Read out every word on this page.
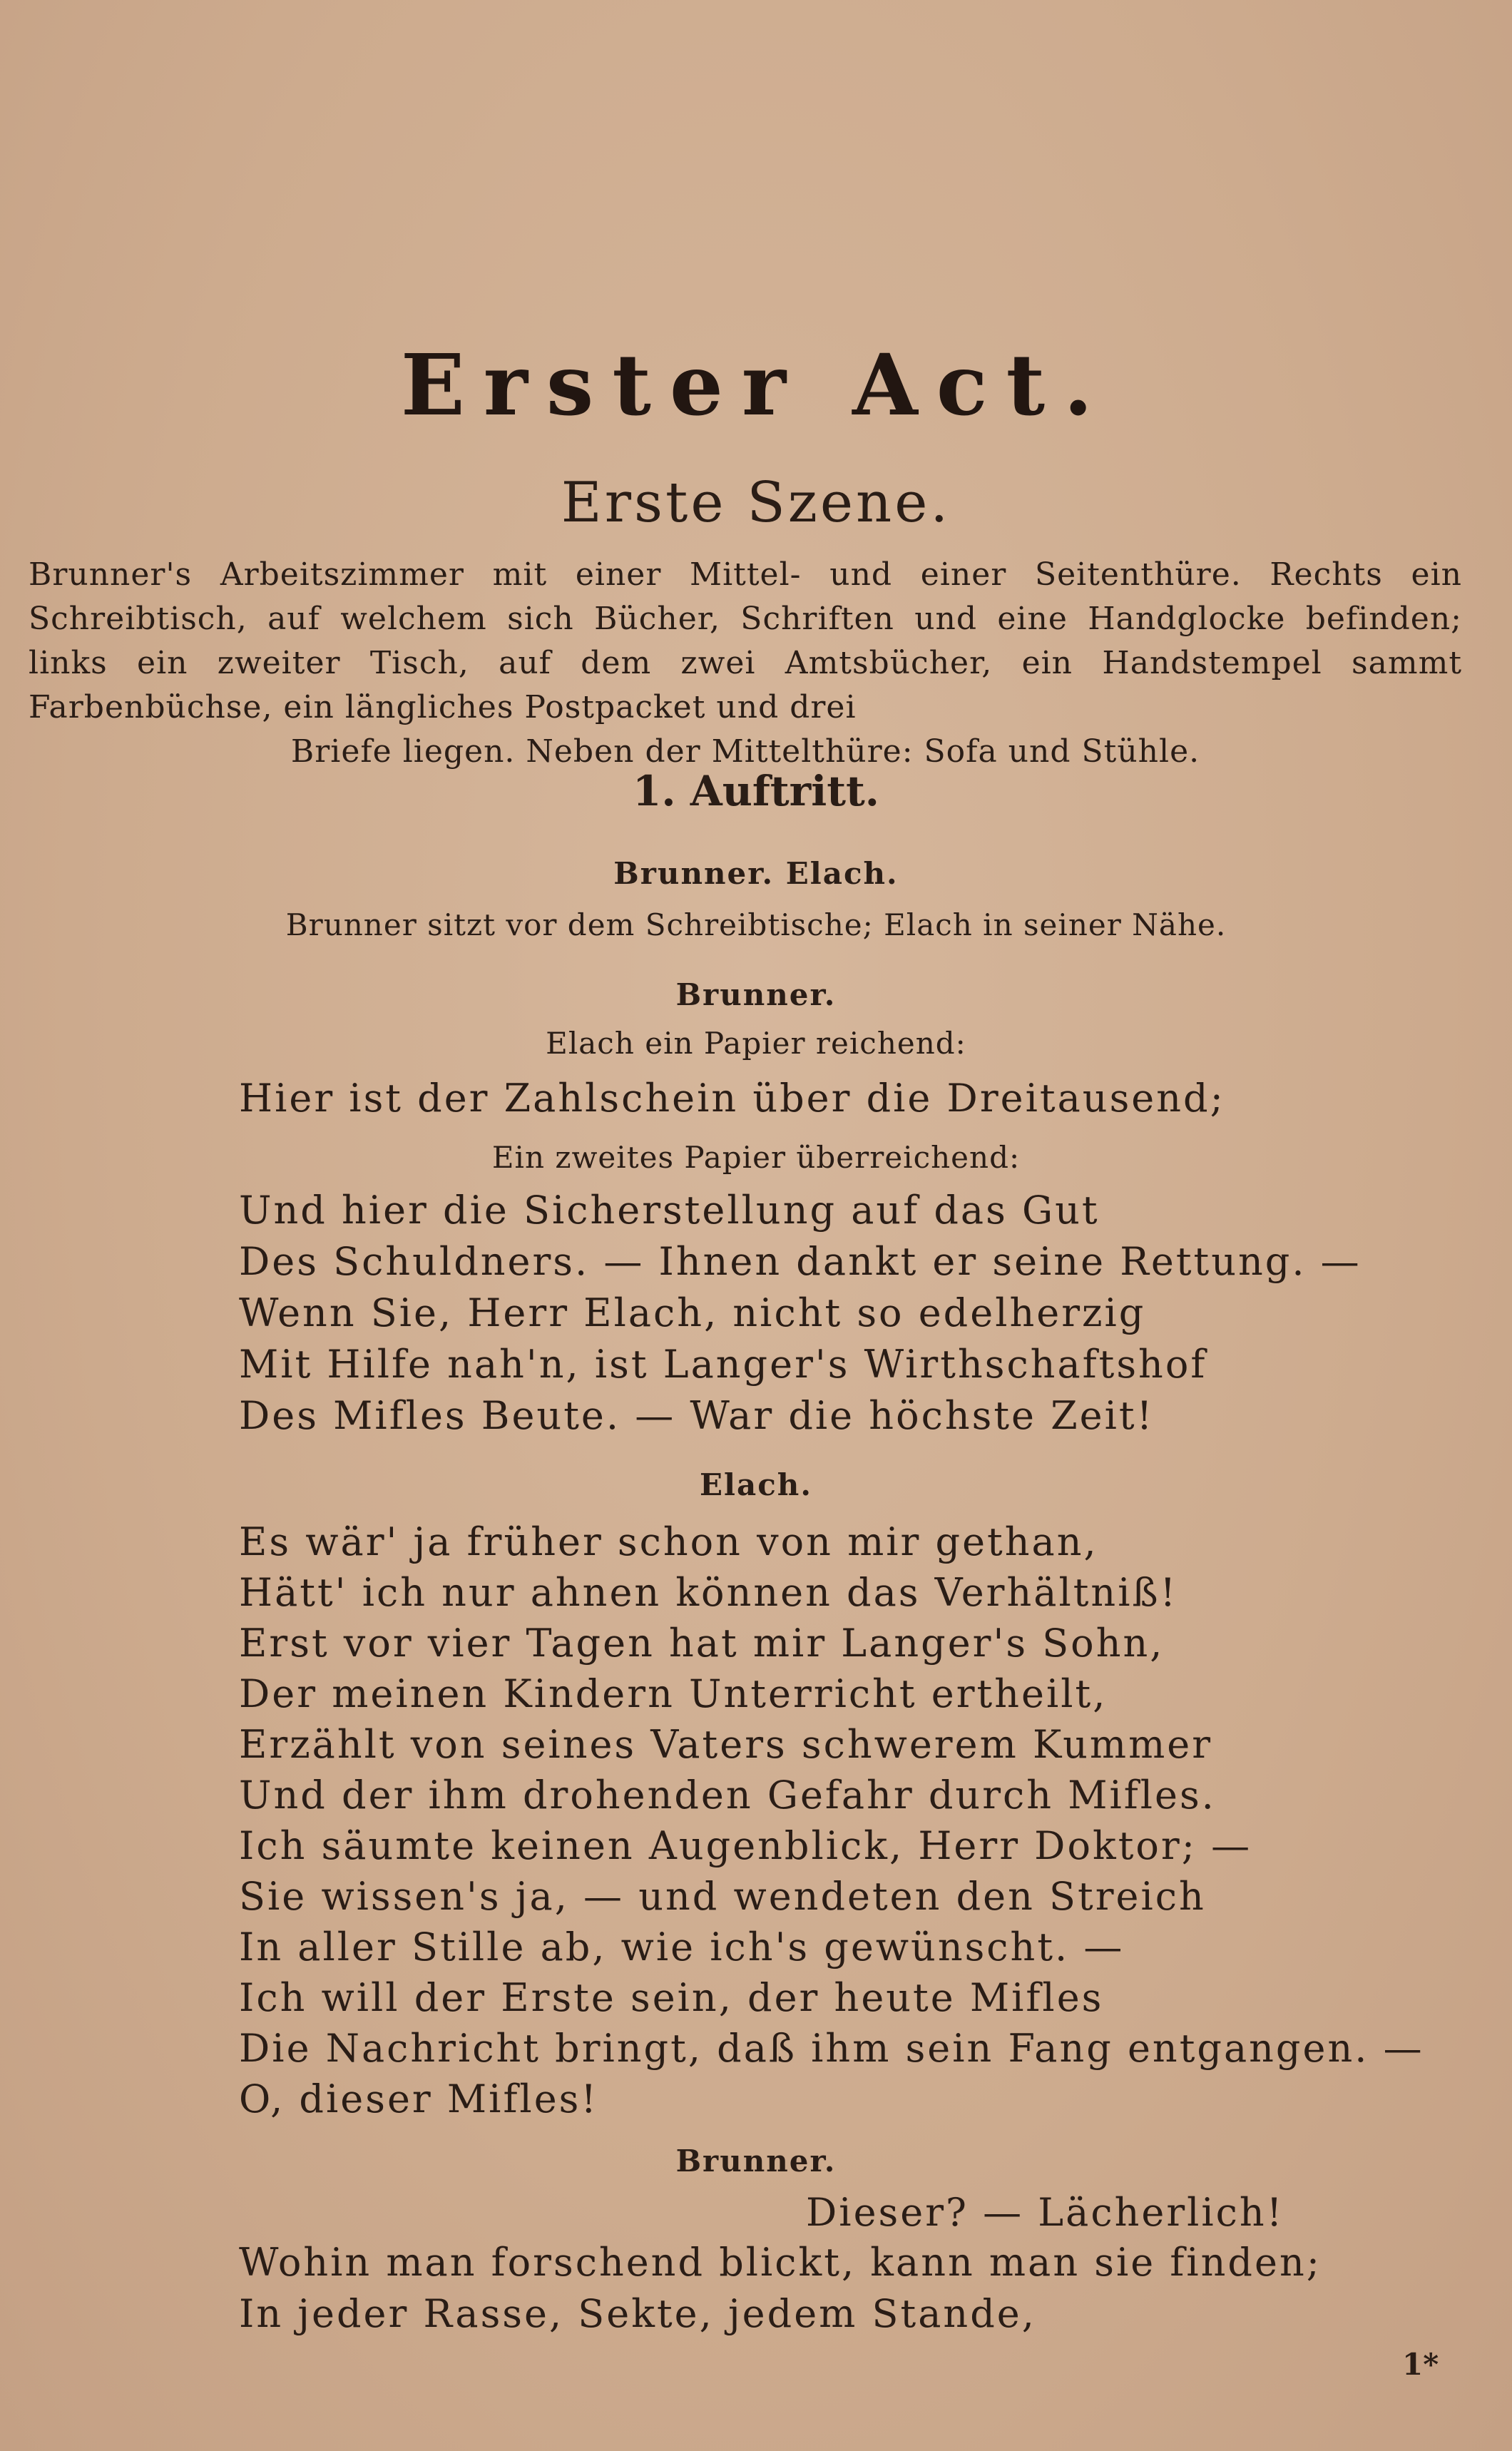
Erster Act.
Erste Szene.
Brunner's Arbeitszimmer mit einer Mittel- und einer Seitenthüre. Rechts ein Schreibtisch, auf welchem sich Bücher, Schriften und eine Handglocke befinden; links ein zweiter Tisch, auf dem zwei Amtsbücher, ein Handstempel sammt Farbenbüchse, ein längliches Postpacket und drei
Briefe liegen. Neben der Mittelthüre: Sofa und Stühle.
1. Auftritt.
Brunner. Elach.
Brunner sitzt vor dem Schreibtische; Elach in seiner Nähe.
Brunner.
Elach ein Papier reichend:
Hier ist der Zahlschein über die Dreitausend;
Ein zweites Papier überreichend:
Und hier die Sicherstellung auf das Gut
Des Schuldners. — Ihnen dankt er seine Rettung. —
Wenn Sie, Herr Elach, nicht so edelherzig
Mit Hilfe nah'n, ist Langer's Wirthschaftshof
Des Mifles Beute. — War die höchste Zeit!
Elach.
Es wär' ja früher schon von mir gethan,
Hätt' ich nur ahnen können das Verhältniß!
Erst vor vier Tagen hat mir Langer's Sohn,
Der meinen Kindern Unterricht ertheilt,
Erzählt von seines Vaters schwerem Kummer
Und der ihm drohenden Gefahr durch Mifles.
Ich säumte keinen Augenblick, Herr Doktor; —
Sie wissen's ja, — und wendeten den Streich
In aller Stille ab, wie ich's gewünscht. —
Ich will der Erste sein, der heute Mifles
Die Nachricht bringt, daß ihm sein Fang entgangen. —
O, dieser Mifles!
Brunner.
Dieser? — Lächerlich!
Wohin man forschend blickt, kann man sie finden;
In jeder Rasse, Sekte, jedem Stande,
1*
